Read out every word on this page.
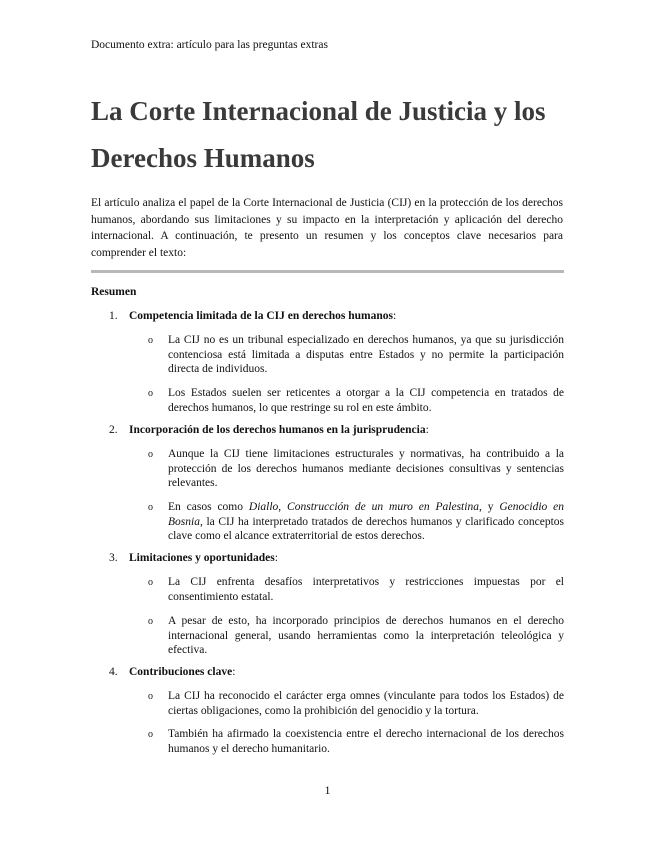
Documento extra: artículo para las preguntas extras
La Corte Internacional de Justicia y los Derechos Humanos
El artículo analiza el papel de la Corte Internacional de Justicia (CIJ) en la protección de los derechos humanos, abordando sus limitaciones y su impacto en la interpretación y aplicación del derecho internacional. A continuación, te presento un resumen y los conceptos clave necesarios para comprender el texto:
Resumen
1. Competencia limitada de la CIJ en derechos humanos:
o La CIJ no es un tribunal especializado en derechos humanos, ya que su jurisdicción contenciosa está limitada a disputas entre Estados y no permite la participación directa de individuos.
o Los Estados suelen ser reticentes a otorgar a la CIJ competencia en tratados de derechos humanos, lo que restringe su rol en este ámbito.
2. Incorporación de los derechos humanos en la jurisprudencia:
o Aunque la CIJ tiene limitaciones estructurales y normativas, ha contribuido a la protección de los derechos humanos mediante decisiones consultivas y sentencias relevantes.
o En casos como Diallo, Construcción de un muro en Palestina, y Genocidio en Bosnia, la CIJ ha interpretado tratados de derechos humanos y clarificado conceptos clave como el alcance extraterritorial de estos derechos.
3. Limitaciones y oportunidades:
o La CIJ enfrenta desafíos interpretativos y restricciones impuestas por el consentimiento estatal.
o A pesar de esto, ha incorporado principios de derechos humanos en el derecho internacional general, usando herramientas como la interpretación teleológica y efectiva.
4. Contribuciones clave:
o La CIJ ha reconocido el carácter erga omnes (vinculante para todos los Estados) de ciertas obligaciones, como la prohibición del genocidio y la tortura.
o También ha afirmado la coexistencia entre el derecho internacional de los derechos humanos y el derecho humanitario.
1
